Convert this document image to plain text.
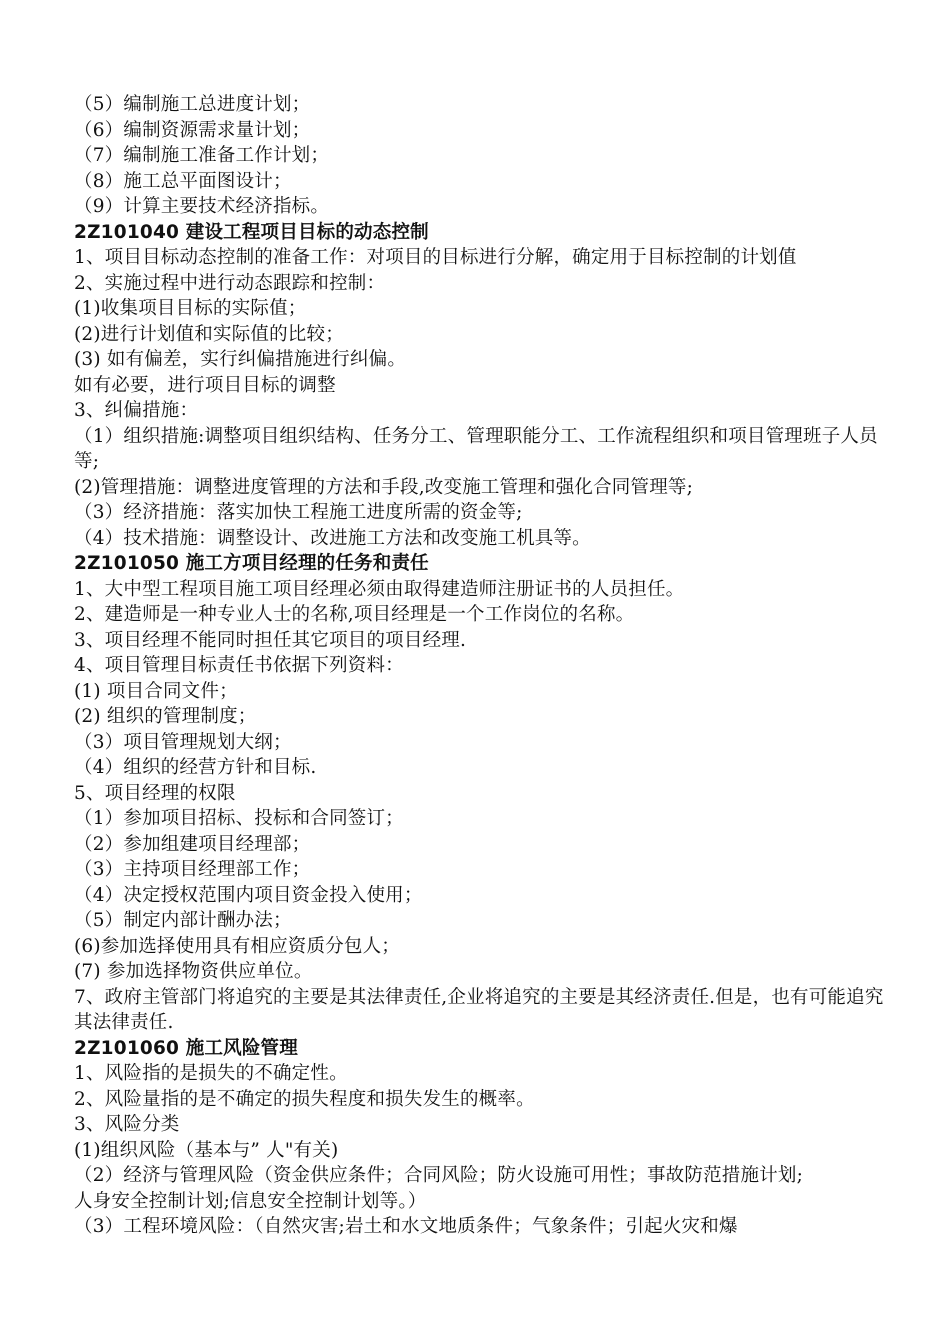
（5）编制施工总进度计划；
（6）编制资源需求量计划；
（7）编制施工准备工作计划；
（8）施工总平面图设计；
（9）计算主要技术经济指标。
2Z101040 建设工程项目目标的动态控制
1、项目目标动态控制的准备工作：对项目的目标进行分解，确定用于目标控制的计划值
2、实施过程中进行动态跟踪和控制：
(1)收集项目目标的实际值；
(2)进行计划值和实际值的比较；
(3) 如有偏差，实行纠偏措施进行纠偏。
如有必要，进行项目目标的调整
3、纠偏措施：
（1）组织措施:调整项目组织结构、任务分工、管理职能分工、工作流程组织和项目管理班子人员等;
(2)管理措施：调整进度管理的方法和手段,改变施工管理和强化合同管理等;
（3）经济措施：落实加快工程施工进度所需的资金等;
（4）技术措施：调整设计、改进施工方法和改变施工机具等。
2Z101050 施工方项目经理的任务和责任
1、大中型工程项目施工项目经理必须由取得建造师注册证书的人员担任。
2、建造师是一种专业人士的名称,项目经理是一个工作岗位的名称。
3、项目经理不能同时担任其它项目的项目经理.
4、项目管理目标责任书依据下列资料：
(1) 项目合同文件；
(2) 组织的管理制度；
（3）项目管理规划大纲；
（4）组织的经营方针和目标.
5、项目经理的权限
（1）参加项目招标、投标和合同签订；
（2）参加组建项目经理部；
（3）主持项目经理部工作；
（4）决定授权范围内项目资金投入使用；
（5）制定内部计酬办法；
(6)参加选择使用具有相应资质分包人；
(7) 参加选择物资供应单位。
7、政府主管部门将追究的主要是其法律责任,企业将追究的主要是其经济责任.但是，也有可能追究其法律责任.
2Z101060 施工风险管理
1、风险指的是损失的不确定性。
2、风险量指的是不确定的损失程度和损失发生的概率。
3、风险分类
(1)组织风险（基本与” 人"有关)
（2）经济与管理风险（资金供应条件；合同风险；防火设施可用性；事故防范措施计划;
人身安全控制计划;信息安全控制计划等。）
（3）工程环境风险：（自然灾害;岩土和水文地质条件；气象条件；引起火灾和爆
